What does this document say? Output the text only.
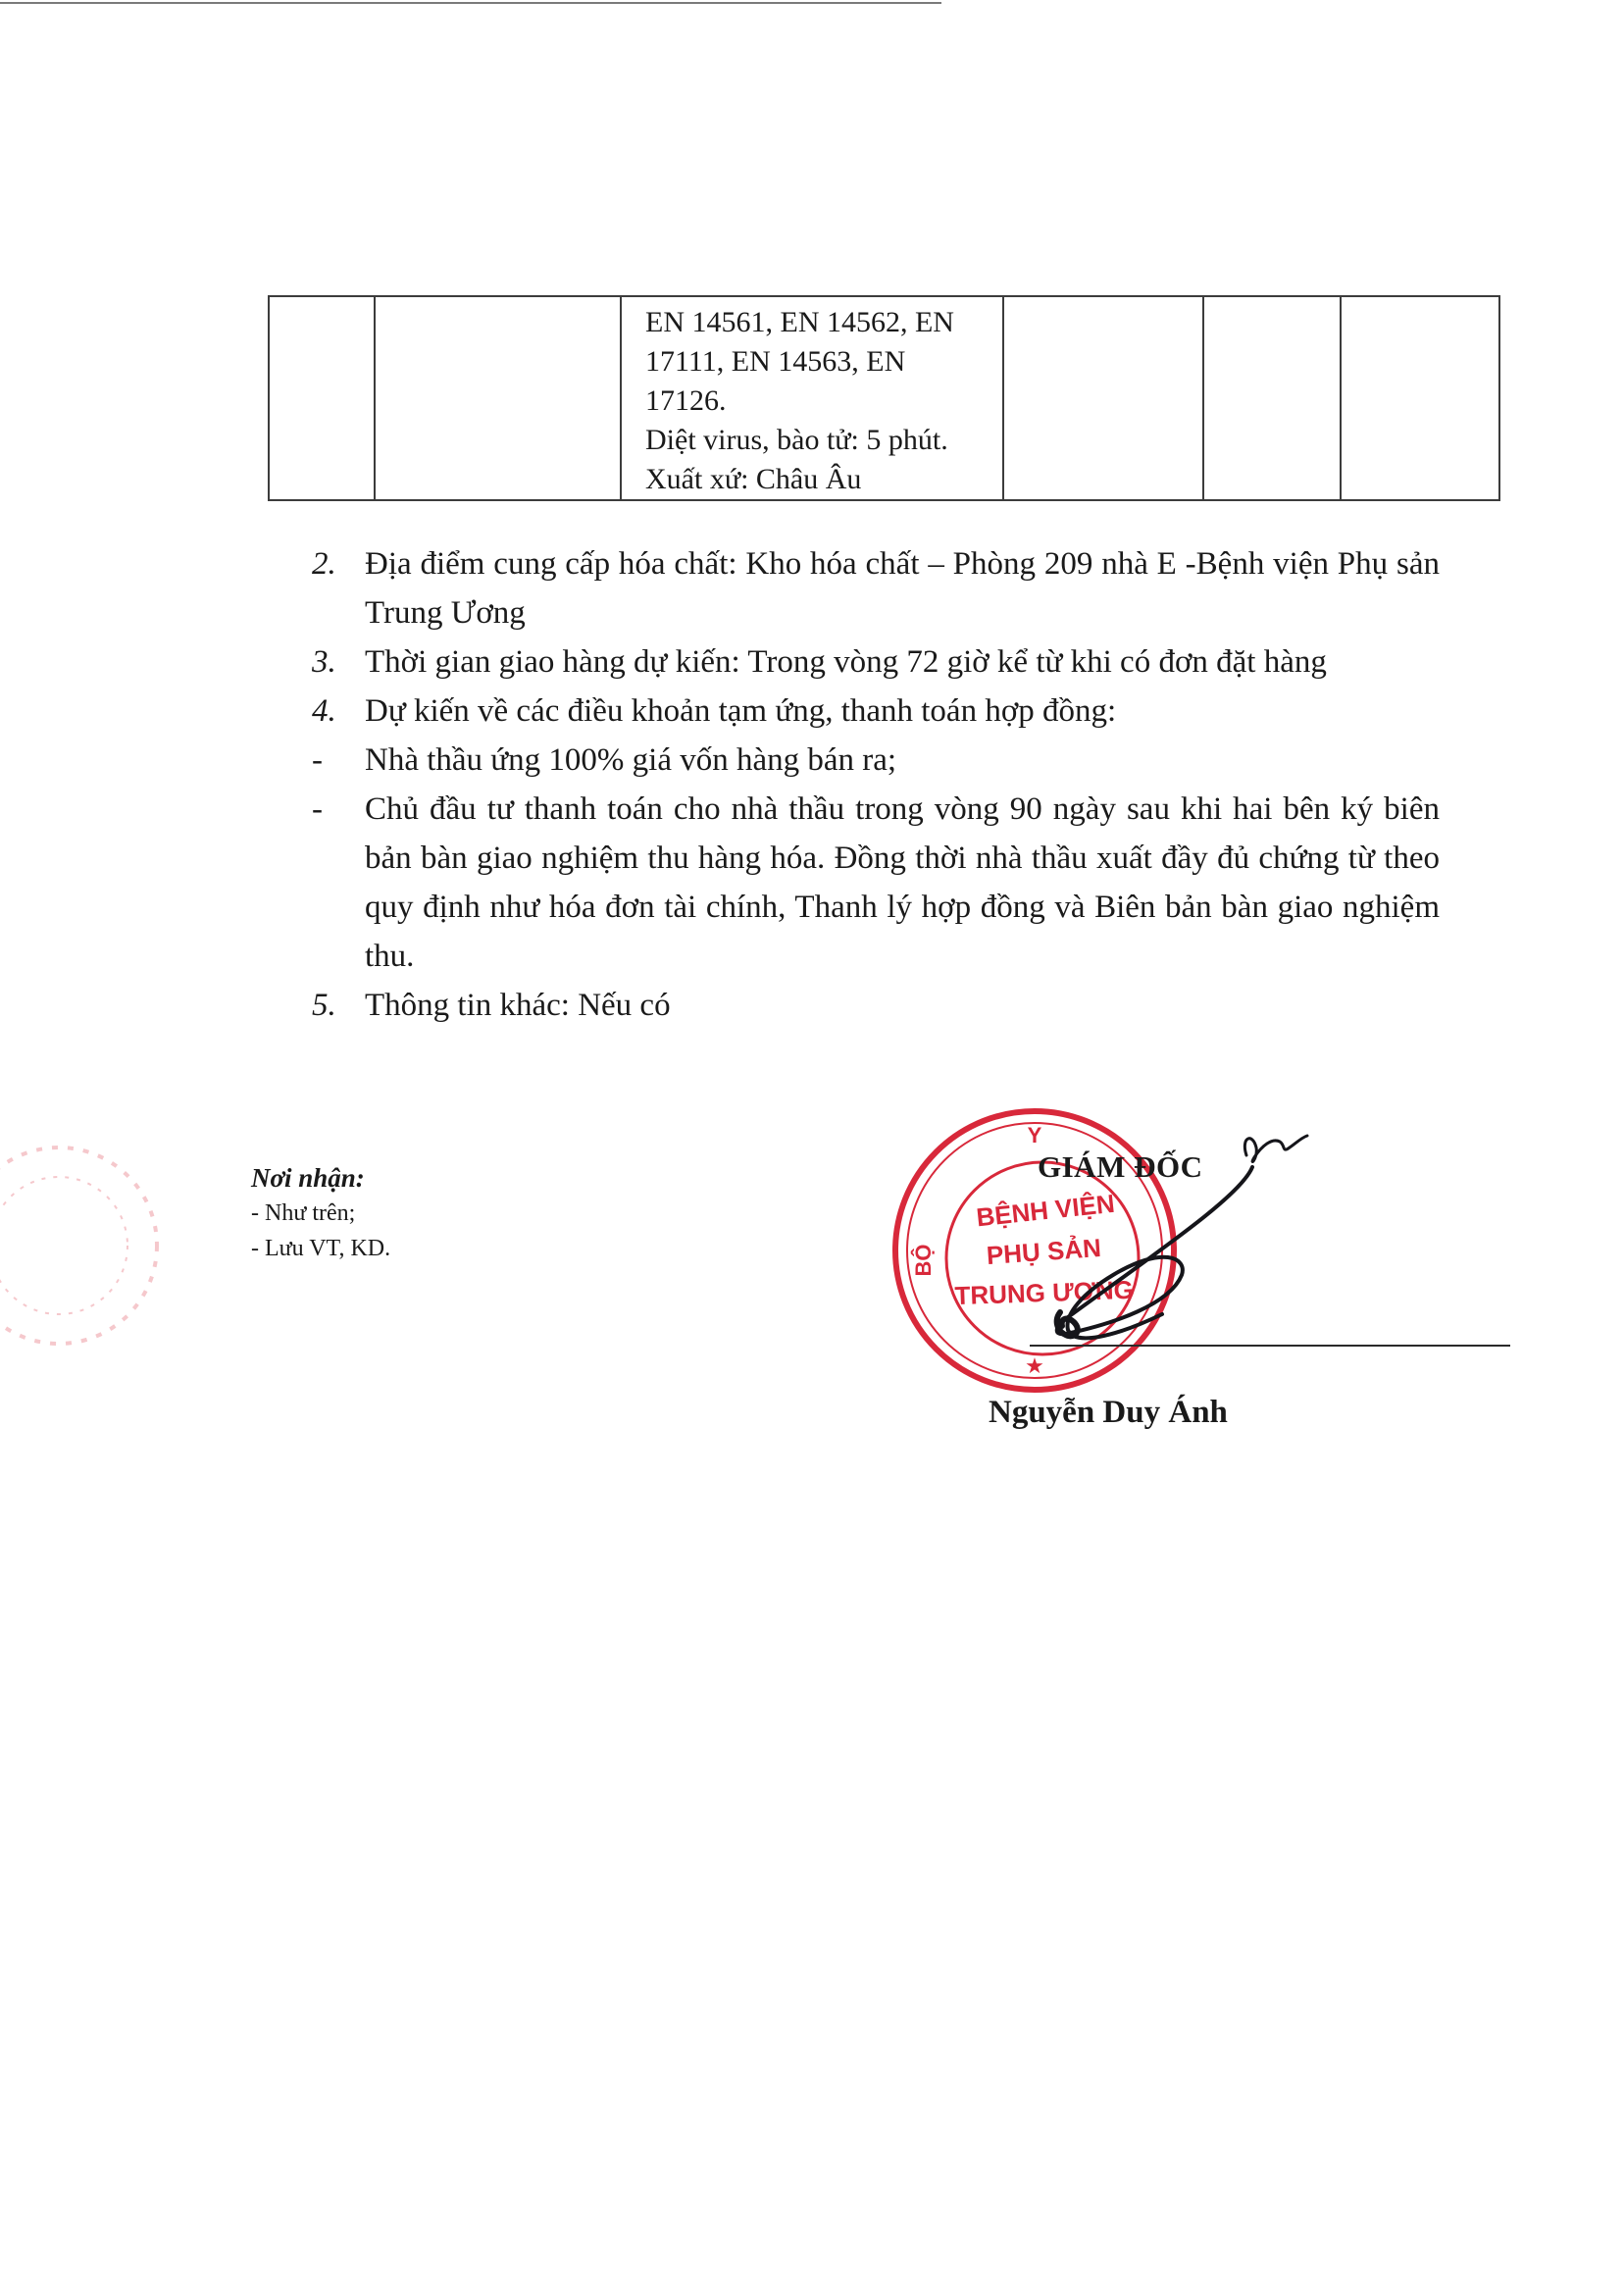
EN 14561, EN 14562, EN
17111, EN 14563, EN
17126.
Diệt virus, bào tử: 5 phút.
Xuất xứ: Châu Âu

2. Địa điểm cung cấp hóa chất: Kho hóa chất – Phòng 209 nhà E -Bệnh viện Phụ sản Trung Ương
3. Thời gian giao hàng dự kiến: Trong vòng 72 giờ kể từ khi có đơn đặt hàng
4. Dự kiến về các điều khoản tạm ứng, thanh toán hợp đồng:
-	Nhà thầu ứng 100% giá vốn hàng bán ra;
-	Chủ đầu tư thanh toán cho nhà thầu trong vòng 90 ngày sau khi hai bên ký biên bản bàn giao nghiệm thu hàng hóa. Đồng thời nhà thầu xuất đầy đủ chứng từ theo quy định như hóa đơn tài chính, Thanh lý hợp đồng và Biên bản bàn giao nghiệm thu.
5. Thông tin khác: Nếu có
Nơi nhận:
- Như trên;
- Lưu VT, KD.
Y
BỘ
BỆNH VIỆN
PHỤ SẢN
TRUNG ƯƠNG
★
GIÁM ĐỐC
Nguyễn Duy Ánh
